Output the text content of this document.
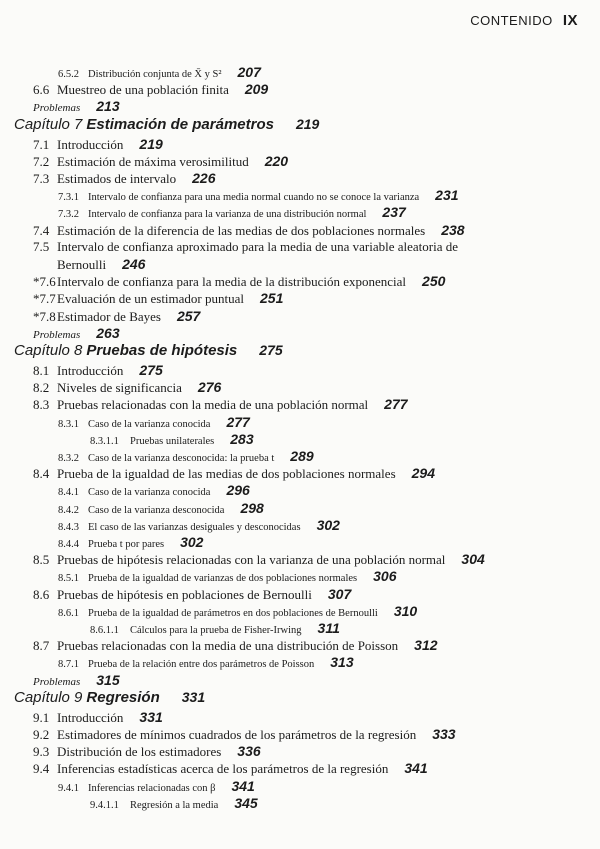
CONTENIDO IX
6.5.2 Distribución conjunta de X̄ y S² 207
6.6 Muestreo de una población finita 209
Problemas 213
Capítulo 7 Estimación de parámetros 219
7.1 Introducción 219
7.2 Estimación de máxima verosimilitud 220
7.3 Estimados de intervalo 226
7.3.1 Intervalo de confianza para una media normal cuando no se conoce la varianza 231
7.3.2 Intervalo de confianza para la varianza de una distribución normal 237
7.4 Estimación de la diferencia de las medias de dos poblaciones normales 238
7.5 Intervalo de confianza aproximado para la media de una variable aleatoria de
Bernoulli 246
*7.6 Intervalo de confianza para la media de la distribución exponencial 250
*7.7 Evaluación de un estimador puntual 251
*7.8 Estimador de Bayes 257
Problemas 263
Capítulo 8 Pruebas de hipótesis 275
8.1 Introducción 275
8.2 Niveles de significancia 276
8.3 Pruebas relacionadas con la media de una población normal 277
8.3.1 Caso de la varianza conocida 277
8.3.1.1	Pruebas unilaterales 283
8.3.2 Caso de la varianza desconocida: la prueba t 289
8.4 Prueba de la igualdad de las medias de dos poblaciones normales 294
8.4.1 Caso de la varianza conocida 296
8.4.2 Caso de la varianza desconocida 298
8.4.3 El caso de las varianzas desiguales y desconocidas 302
8.4.4 Prueba t por pares 302
8.5 Pruebas de hipótesis relacionadas con la varianza de una población normal 304
8.5.1 Prueba de la igualdad de varianzas de dos poblaciones normales 306
8.6 Pruebas de hipótesis en poblaciones de Bernoulli 307
8.6.1 Prueba de la igualdad de parámetros en dos poblaciones de Bernoulli 310
8.6.1.1	Cálculos para la prueba de Fisher-Irwing 311
8.7 Pruebas relacionadas con la media de una distribución de Poisson 312
8.7.1 Prueba de la relación entre dos parámetros de Poisson 313
Problemas 315
Capítulo 9 Regresión 331
9.1 Introducción 331
9.2 Estimadores de mínimos cuadrados de los parámetros de la regresión 333
9.3 Distribución de los estimadores 336
9.4 Inferencias estadísticas acerca de los parámetros de la regresión 341
9.4.1 Inferencias relacionadas con β 341
9.4.1.1	Regresión a la media 345
